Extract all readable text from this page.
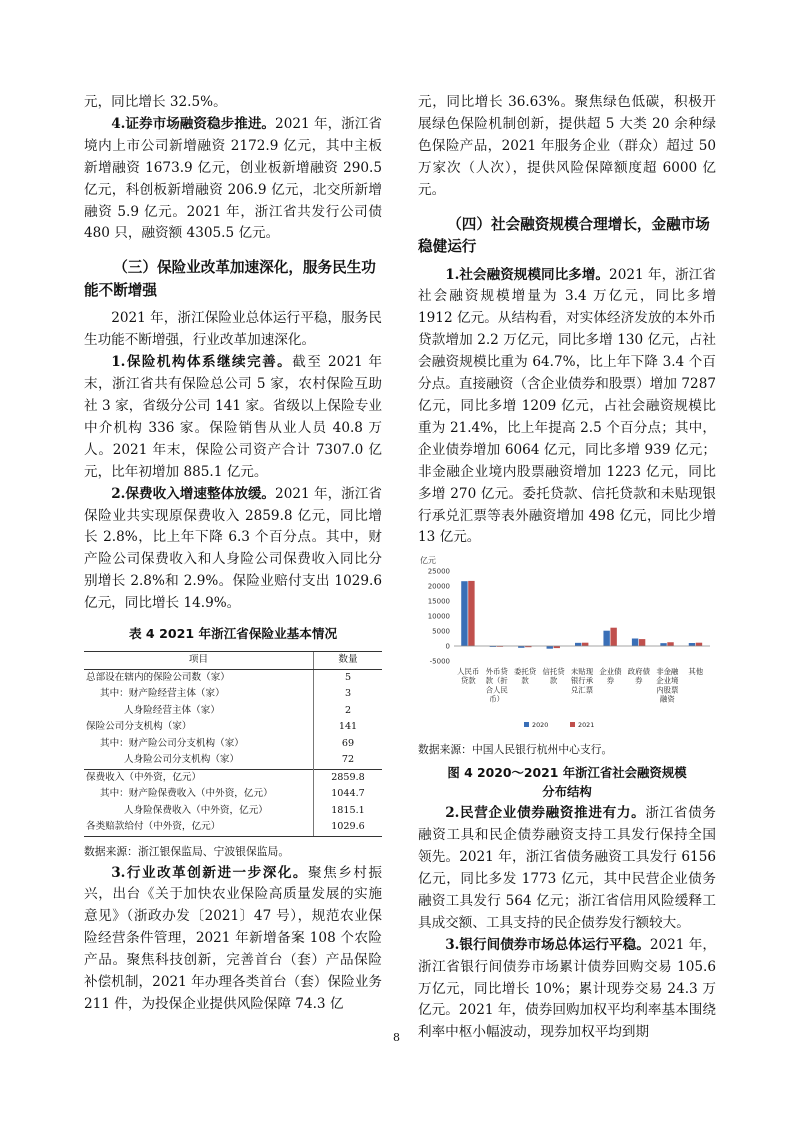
元，同比增长 32.5%。

4.证券市场融资稳步推进。2021 年，浙江省境内上市公司新增融资 2172.9 亿元，其中主板新增融资 1673.9 亿元，创业板新增融资 290.5 亿元，科创板新增融资 206.9 亿元，北交所新增融资 5.9 亿元。2021 年，浙江省共发行公司债 480 只，融资额 4305.5 亿元。

（三）保险业改革加速深化，服务民生功能不断增强

2021 年，浙江保险业总体运行平稳，服务民生功能不断增强，行业改革加速深化。

1.保险机构体系继续完善。截至 2021 年末，浙江省共有保险总公司 5 家，农村保险互助社 3 家，省级分公司 141 家。省级以上保险专业中介机构 336 家。保险销售从业人员 40.8 万人。2021 年末，保险公司资产合计 7307.0 亿元，比年初增加 885.1 亿元。

2.保费收入增速整体放缓。2021 年，浙江省保险业共实现原保费收入 2859.8 亿元，同比增长 2.8%，比上年下降 6.3 个百分点。其中，财产险公司保费收入和人身险公司保费收入同比分别增长 2.8%和 2.9%。保险业赔付支出 1029.6 亿元，同比增长 14.9%。

表 4 2021 年浙江省保险业基本情况
项目	数量
总部设在辖内的保险公司数（家）	5
其中：财产险经营主体（家）	3
人身险经营主体（家）	2
保险公司分支机构（家）	141
其中：财产险公司分支机构（家）	69
人身险公司分支机构（家）	72
保费收入（中外资，亿元）	2859.8
其中：财产险保费收入（中外资，亿元）	1044.7
人身险保费收入（中外资，亿元）	1815.1
各类赔款给付（中外资，亿元）	1029.6
数据来源：浙江银保监局、宁波银保监局。

3.行业改革创新进一步深化。聚焦乡村振兴，出台《关于加快农业保险高质量发展的实施意见》（浙政办发〔2021〕47 号），规范农业保险经营条件管理，2021 年新增备案 108 个农险产品。聚焦科技创新，完善首台（套）产品保险补偿机制，2021 年办理各类首台（套）保险业务 211 件，为投保企业提供风险保障 74.3 亿

元，同比增长 36.63%。聚焦绿色低碳，积极开展绿色保险机制创新，提供超 5 大类 20 余种绿色保险产品，2021 年服务企业（群众）超过 50 万家次（人次），提供风险保障额度超 6000 亿元。

（四）社会融资规模合理增长，金融市场稳健运行

1.社会融资规模同比多增。2021 年，浙江省社会融资规模增量为 3.4 万亿元，同比多增 1912 亿元。从结构看，对实体经济发放的本外币贷款增加 2.2 万亿元，同比多增 130 亿元，占社会融资规模比重为 64.7%，比上年下降 3.4 个百分点。直接融资（含企业债券和股票）增加 7287 亿元，同比多增 1209 亿元，占社会融资规模比重为 21.4%，比上年提高 2.5 个百分点；其中，企业债券增加 6064 亿元，同比多增 939 亿元；非金融企业境内股票融资增加 1223 亿元，同比多增 270 亿元。委托贷款、信托贷款和未贴现银行承兑汇票等表外融资增加 498 亿元，同比少增 13 亿元。

亿元
-5000
0
5000
10000
15000
20000
25000
人民币
贷款
外币贷
款（折
合人民
币）
委托贷
款
信托贷
款
未贴现
银行承
兑汇票
企业债
券
政府债
券
非金融
企业境
内股票
融资
其他
2020	2021
数据来源：中国人民银行杭州中心支行。
图 4 2020～2021 年浙江省社会融资规模
分布结构

2.民营企业债券融资推进有力。浙江省债务融资工具和民企债券融资支持工具发行保持全国领先。2021 年，浙江省债务融资工具发行 6156 亿元，同比多发 1773 亿元，其中民营企业债务融资工具发行 564 亿元；浙江省信用风险缓释工具成交额、工具支持的民企债券发行额较大。

3.银行间债券市场总体运行平稳。2021 年，浙江省银行间债券市场累计债券回购交易 105.6 万亿元，同比增长 10%；累计现券交易 24.3 万亿元。2021 年，债券回购加权平均利率基本围绕利率中枢小幅波动，现券加权平均到期

8
